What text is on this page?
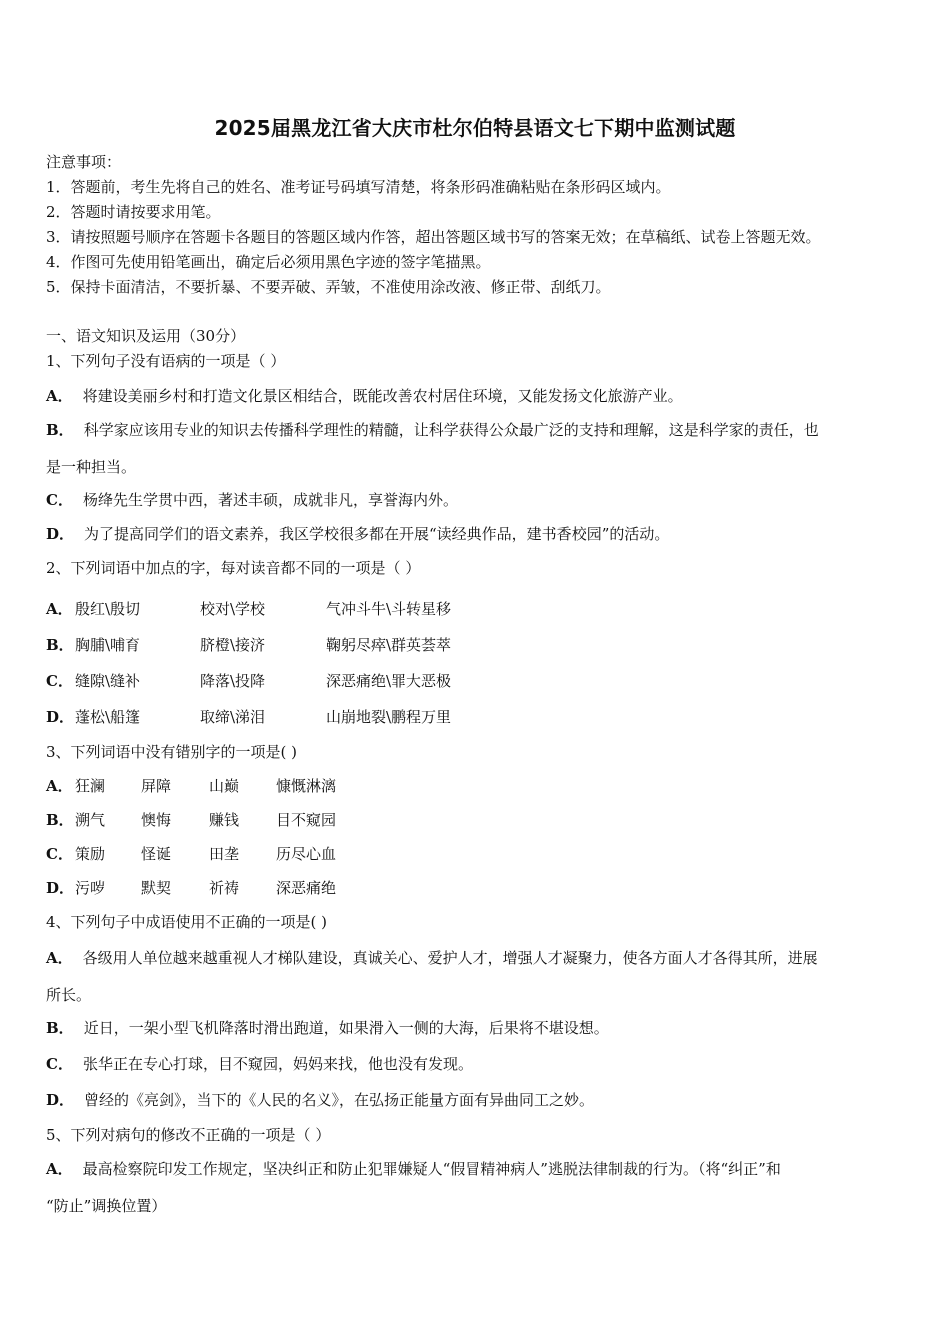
2025届黑龙江省大庆市杜尔伯特县语文七下期中监测试题
注意事项：
1．答题前，考生先将自己的姓名、准考证号码填写清楚，将条形码准确粘贴在条形码区域内。
2．答题时请按要求用笔。
3．请按照题号顺序在答题卡各题目的答题区域内作答，超出答题区域书写的答案无效；在草稿纸、试卷上答题无效。
4．作图可先使用铅笔画出，确定后必须用黑色字迹的签字笔描黑。
5．保持卡面清洁，不要折暴、不要弄破、弄皱，不准使用涂改液、修正带、刮纸刀。
一、语文知识及运用（30分）
1、下列句子没有语病的一项是（ ）
A． 将建设美丽乡村和打造文化景区相结合，既能改善农村居住环境，又能发扬文化旅游产业。
B． 科学家应该用专业的知识去传播科学理性的精髓，让科学获得公众最广泛的支持和理解，这是科学家的责任，也
是一种担当。
C． 杨绛先生学贯中西，著述丰硕，成就非凡，享誉海内外。
D． 为了提高同学们的语文素养，我区学校很多都在开展“读经典作品，建书香校园”的活动。
2、下列词语中加点的字，每对读音都不同的一项是（ ）
A． 殷红\殷切	校对\学校	气冲斗牛\斗转星移
B． 胸脯\哺育	脐橙\接济	鞠躬尽瘁\群英荟萃
C． 缝隙\缝补	降落\投降	深恶痛绝\罪大恶极
D． 蓬松\船篷	取缔\涕泪	山崩地裂\鹏程万里
3、下列词语中没有错别字的一项是( )
A． 狂澜 屏障	山巅 慷慨淋漓
B． 溯气 懊悔	赚钱 目不窥园
C． 策励 怪诞	田垄 历尽心血
D． 污哕 默契	祈祷 深恶痛绝
4、下列句子中成语使用不正确的一项是( )
A． 各级用人单位越来越重视人才梯队建设，真诚关心、爱护人才，增强人才凝聚力，使各方面人才各得其所，进展
所长。
B． 近日，一架小型飞机降落时滑出跑道，如果滑入一侧的大海，后果将不堪设想。
C． 张华正在专心打球，目不窥园，妈妈来找，他也没有发现。
D． 曾经的《亮剑》，当下的《人民的名义》，在弘扬正能量方面有异曲同工之妙。
5、下列对病句的修改不正确的一项是（ ）
A． 最高检察院印发工作规定，坚决纠正和防止犯罪嫌疑人“假冒精神病人”逃脱法律制裁的行为。（将“纠正”和
“防止”调换位置）
